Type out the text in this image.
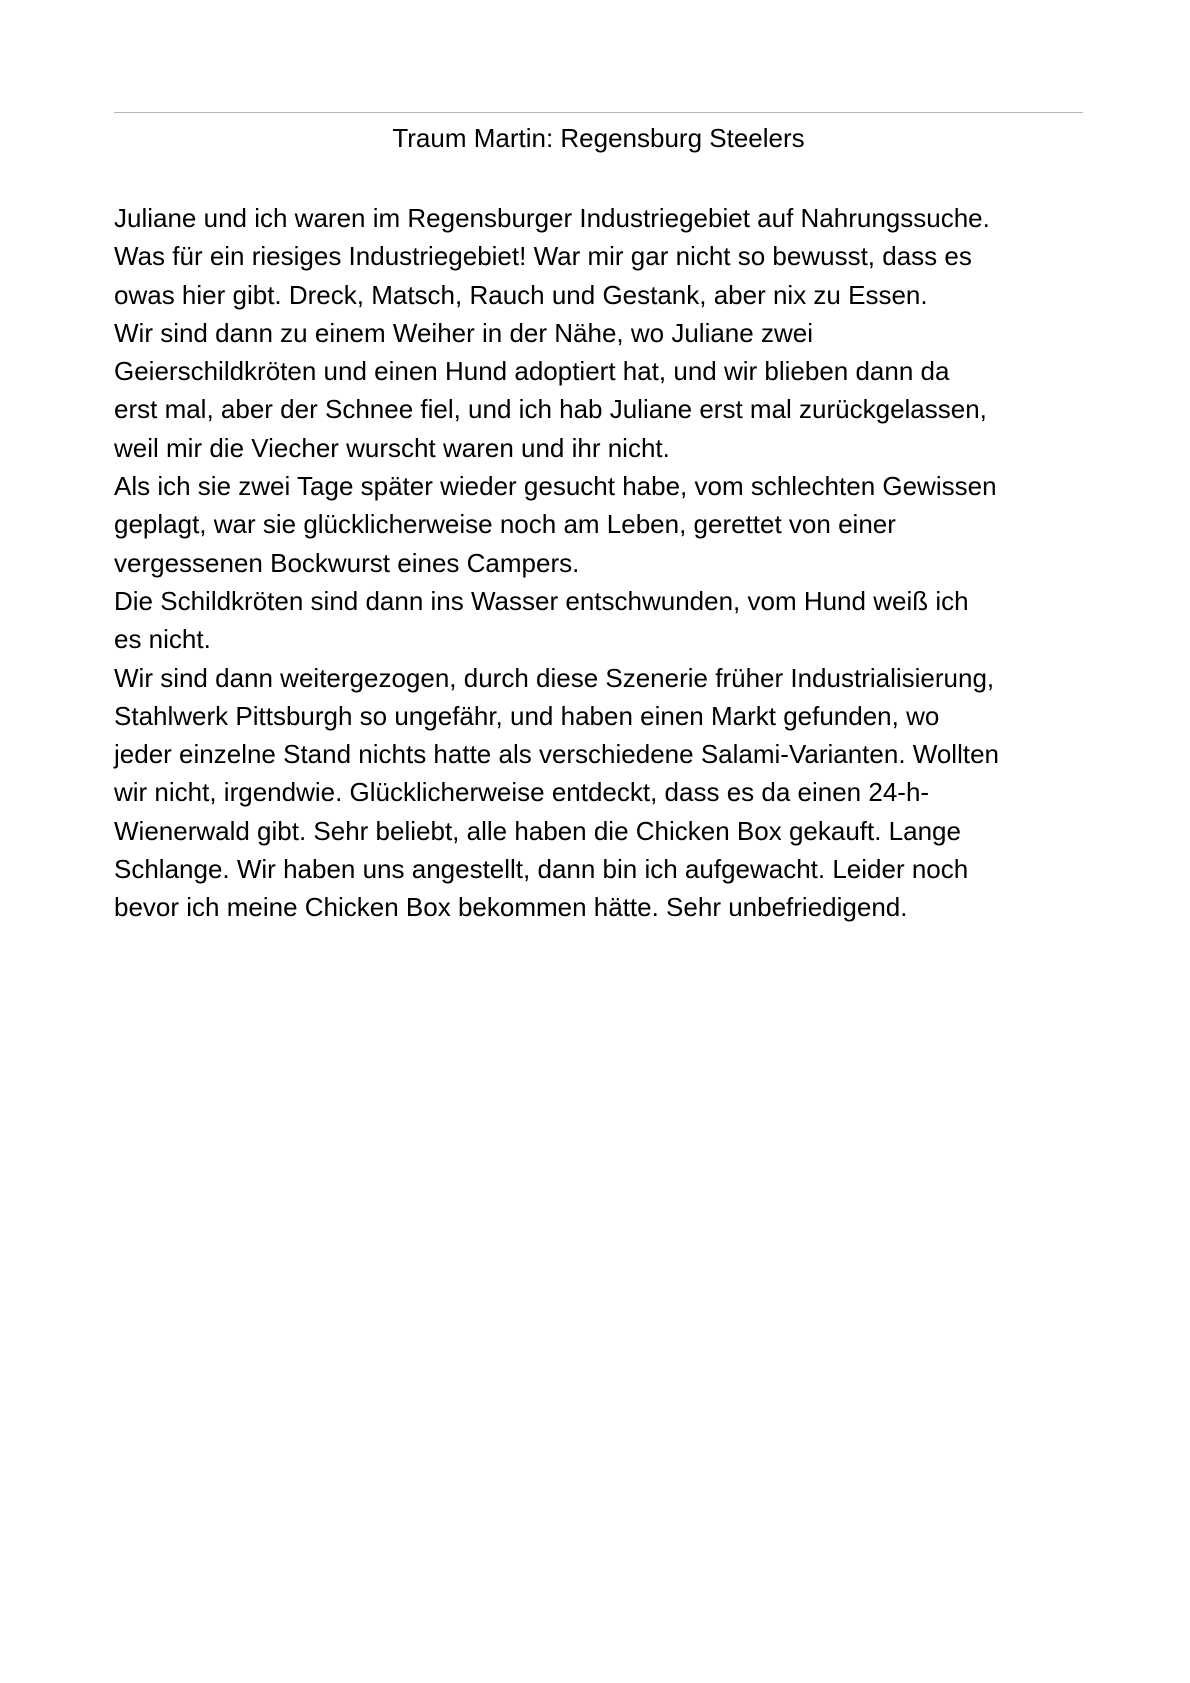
Traum Martin: Regensburg Steelers
Juliane und ich waren im Regensburger Industriegebiet auf Nahrungssuche.
Was für ein riesiges Industriegebiet! War mir gar nicht so bewusst, dass es
owas hier gibt. Dreck, Matsch, Rauch und Gestank, aber nix zu Essen.
Wir sind dann zu einem Weiher in der Nähe, wo Juliane zwei
Geierschildkröten und einen Hund adoptiert hat, und wir blieben dann da
erst mal, aber der Schnee fiel, und ich hab Juliane erst mal zurückgelassen,
weil mir die Viecher wurscht waren und ihr nicht.
Als ich sie zwei Tage später wieder gesucht habe, vom schlechten Gewissen
geplagt, war sie glücklicherweise noch am Leben, gerettet von einer
vergessenen Bockwurst eines Campers.
Die Schildkröten sind dann ins Wasser entschwunden, vom Hund weiß ich
es nicht.
Wir sind dann weitergezogen, durch diese Szenerie früher Industrialisierung,
Stahlwerk Pittsburgh so ungefähr, und haben einen Markt gefunden, wo
jeder einzelne Stand nichts hatte als verschiedene Salami-Varianten. Wollten
wir nicht, irgendwie. Glücklicherweise entdeckt, dass es da einen 24-h-
Wienerwald gibt. Sehr beliebt, alle haben die Chicken Box gekauft. Lange
Schlange. Wir haben uns angestellt, dann bin ich aufgewacht. Leider noch
bevor ich meine Chicken Box bekommen hätte. Sehr unbefriedigend.
